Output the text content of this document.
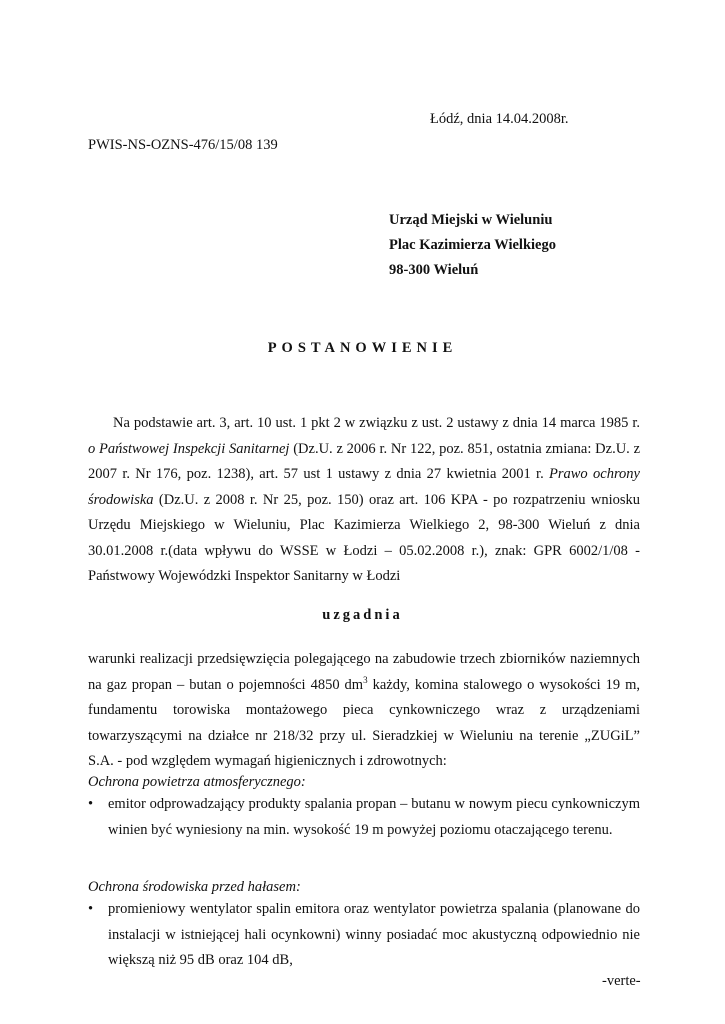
Łódź, dnia 14.04.2008r.
PWIS-NS-OZNS-476/15/08 139
Urząd Miejski w Wieluniu
Plac Kazimierza Wielkiego
98-300 Wieluń
POSTANOWIENIE
Na podstawie art. 3, art. 10 ust. 1 pkt 2 w związku z ust. 2 ustawy z dnia 14 marca 1985 r. o Państwowej Inspekcji Sanitarnej (Dz.U. z 2006 r. Nr 122, poz. 851, ostatnia zmiana: Dz.U. z 2007 r. Nr 176, poz. 1238), art. 57 ust 1 ustawy z dnia 27 kwietnia 2001 r. Prawo ochrony środowiska (Dz.U. z 2008 r. Nr 25, poz. 150) oraz art. 106 KPA - po rozpatrzeniu wniosku Urzędu Miejskiego w Wieluniu, Plac Kazimierza Wielkiego 2, 98-300 Wieluń z dnia 30.01.2008 r.(data wpływu do WSSE w Łodzi – 05.02.2008 r.), znak: GPR 6002/1/08 - Państwowy Wojewódzki Inspektor Sanitarny w Łodzi
uzgadnia
warunki realizacji przedsięwzięcia polegającego na zabudowie trzech zbiorników naziemnych na gaz propan – butan o pojemności 4850 $dm^3$ każdy, komina stalowego o wysokości 19 m, fundamentu torowiska montażowego pieca cynkowniczego wraz z urządzeniami towarzyszącymi na działce nr 218/32 przy ul. Sieradzkiej w Wieluniu na terenie „ZUGiL” S.A. - pod względem wymagań higienicznych i zdrowotnych:
Ochrona powietrza atmosferycznego:
•	emitor odprowadzający produkty spalania propan – butanu w nowym piecu cynkowniczym winien być wyniesiony na min. wysokość 19 m powyżej poziomu otaczającego terenu.
Ochrona środowiska przed hałasem:
•	promieniowy wentylator spalin emitora oraz wentylator powietrza spalania (planowane do instalacji w istniejącej hali ocynkowni) winny posiadać moc akustyczną odpowiednio nie większą niż 95 dB oraz 104 dB,
-verte-
